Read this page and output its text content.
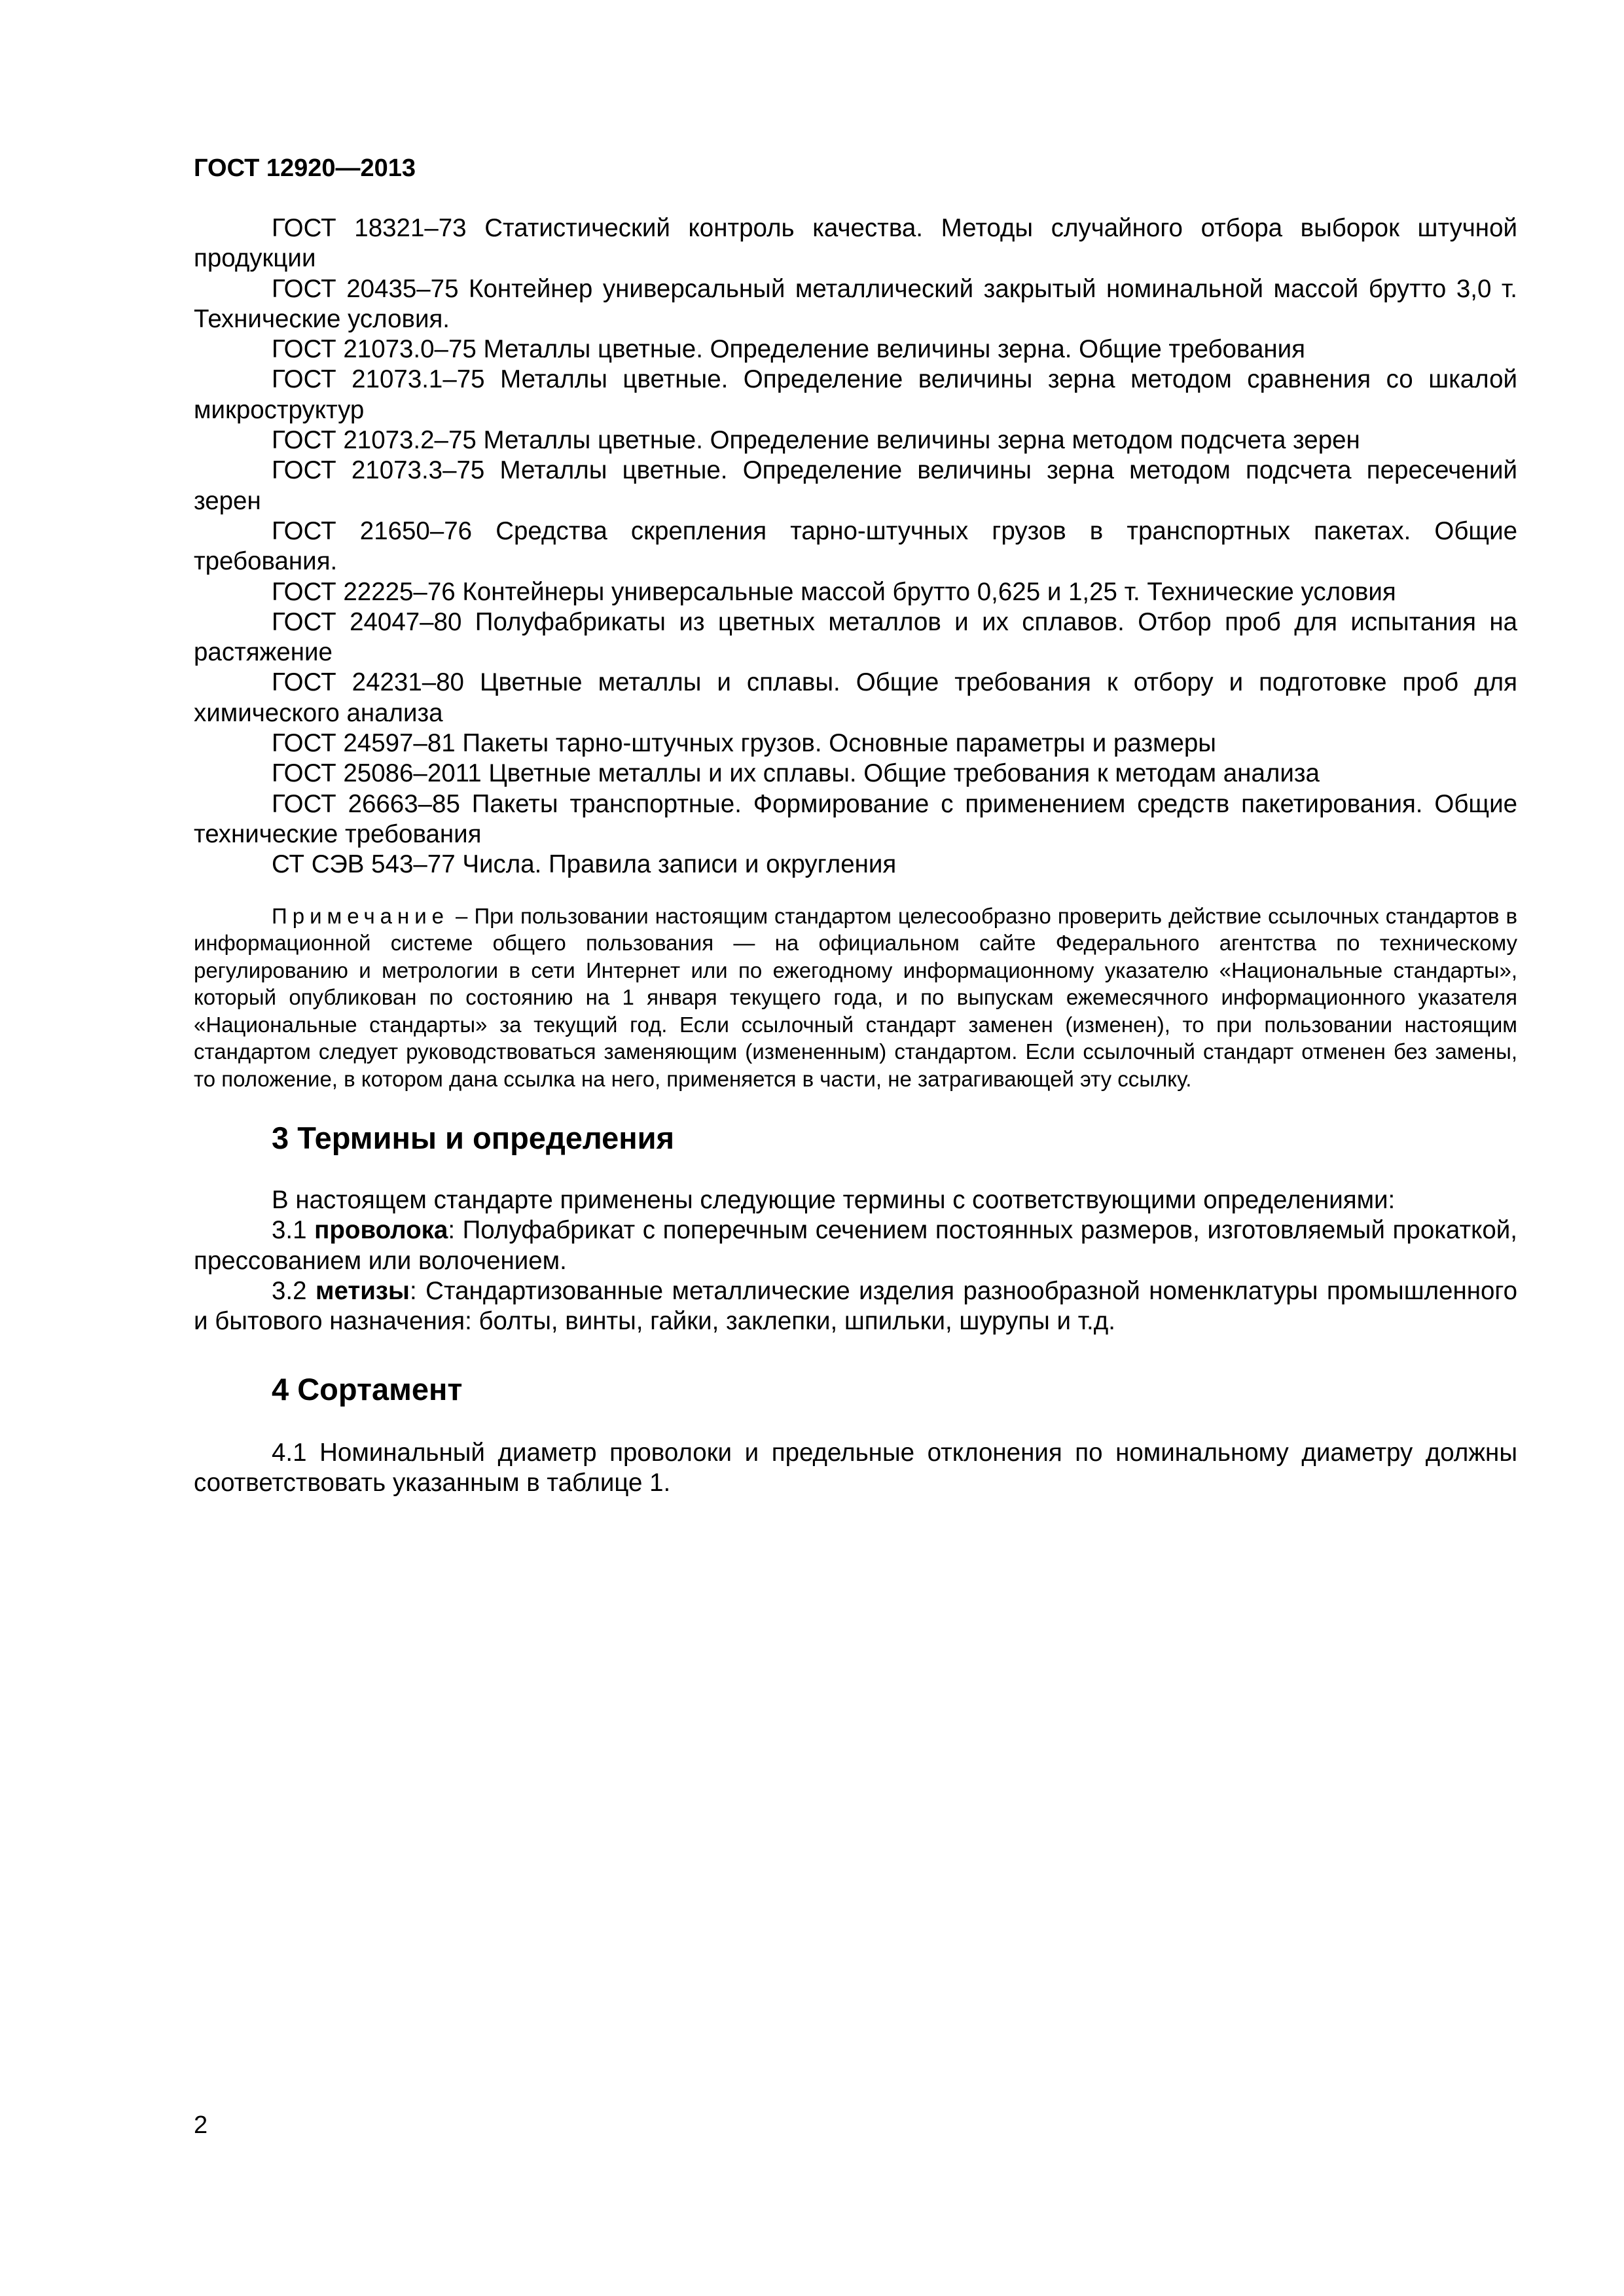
ГОСТ 12920—2013
ГОСТ 18321–73 Статистический контроль качества. Методы случайного отбора выборок штучной продукции
ГОСТ 20435–75 Контейнер универсальный металлический закрытый номинальной массой брутто 3,0 т. Технические условия.
ГОСТ 21073.0–75 Металлы цветные. Определение величины зерна. Общие требования
ГОСТ 21073.1–75 Металлы цветные. Определение величины зерна методом сравнения со шкалой микроструктур
ГОСТ 21073.2–75 Металлы цветные. Определение величины зерна методом подсчета зерен
ГОСТ 21073.3–75 Металлы цветные. Определение величины зерна методом подсчета пересечений зерен
ГОСТ 21650–76 Средства скрепления тарно-штучных грузов в транспортных пакетах. Общие требования.
ГОСТ 22225–76 Контейнеры универсальные массой брутто 0,625 и 1,25 т. Технические условия
ГОСТ 24047–80 Полуфабрикаты из цветных металлов и их сплавов. Отбор проб для испытания на растяжение
ГОСТ 24231–80 Цветные металлы и сплавы. Общие требования к отбору и подготовке проб для химического анализа
ГОСТ 24597–81 Пакеты тарно-штучных грузов. Основные параметры и размеры
ГОСТ 25086–2011 Цветные металлы и их сплавы. Общие требования к методам анализа
ГОСТ 26663–85 Пакеты транспортные. Формирование с применением средств пакетирования. Общие технические требования
СТ СЭВ 543–77 Числа. Правила записи и округления

Примечание – При пользовании настоящим стандартом целесообразно проверить действие ссылочных стандартов в информационной системе общего пользования — на официальном сайте Федерального агентства по техническому регулированию и метрологии в сети Интернет или по ежегодному информационному указателю «Национальные стандарты», который опубликован по состоянию на 1 января текущего года, и по выпускам ежемесячного информационного указателя «Национальные стандарты» за текущий год. Если ссылочный стандарт заменен (изменен), то при пользовании настоящим стандартом следует руководствоваться заменяющим (измененным) стандартом. Если ссылочный стандарт отменен без замены, то положение, в котором дана ссылка на него, применяется в части, не затрагивающей эту ссылку.

3 Термины и определения

В настоящем стандарте применены следующие термины с соответствующими определениями:

3.1 проволока: Полуфабрикат с поперечным сечением постоянных размеров, изготовляемый прокаткой, прессованием или волочением.

3.2 метизы: Стандартизованные металлические изделия разнообразной номенклатуры промышленного и бытового назначения: болты, винты, гайки, заклепки, шпильки, шурупы и т.д.

4 Сортамент

4.1 Номинальный диаметр проволоки и предельные отклонения по номинальному диаметру должны соответствовать указанным в таблице 1.

2
